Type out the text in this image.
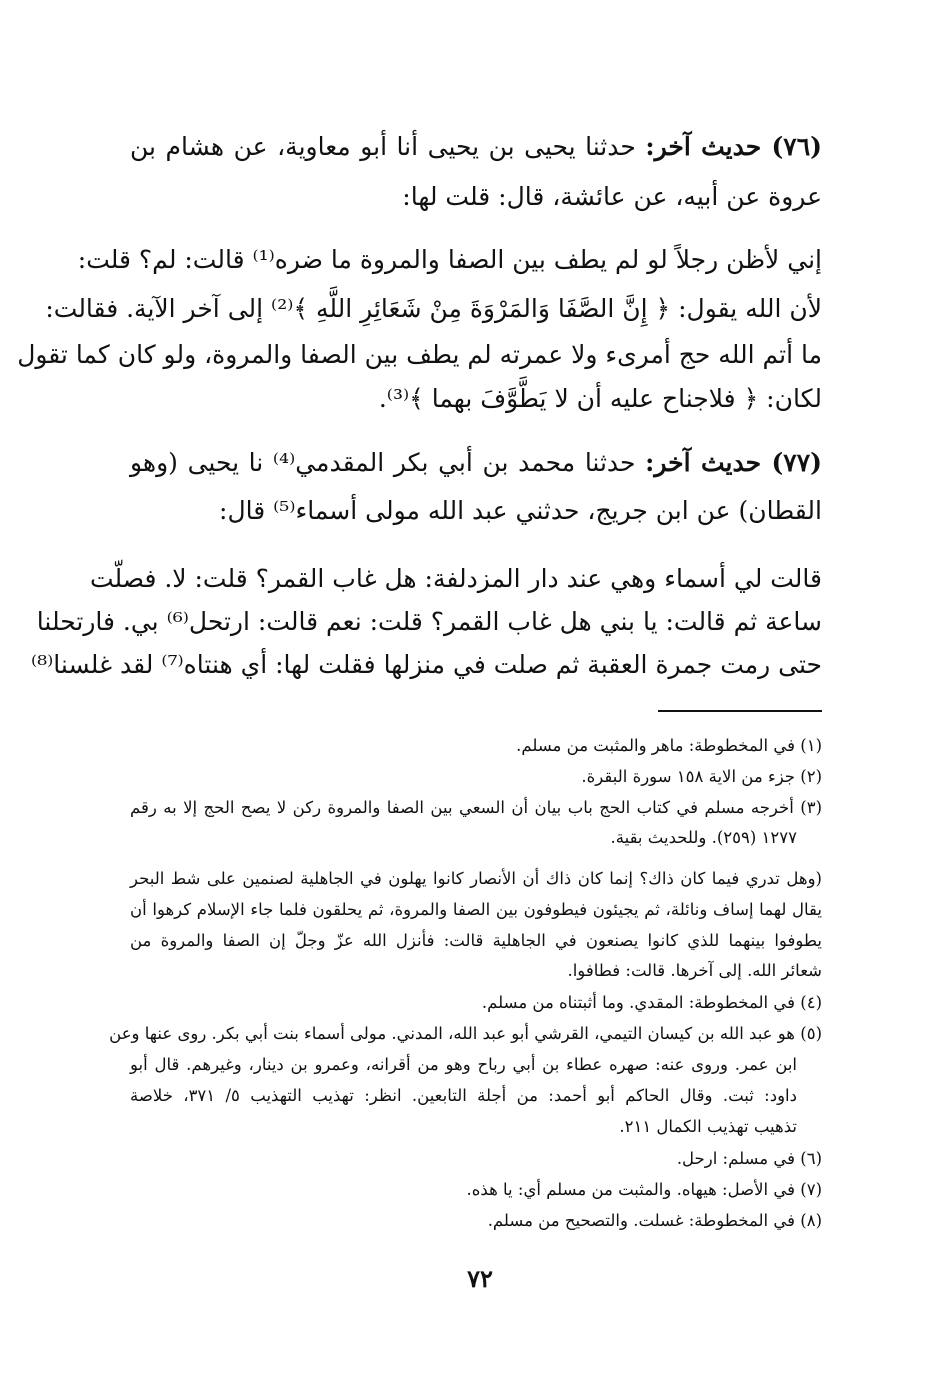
(٧٦) حديث آخر: حدثنا يحيى بن يحيى أنا أبو معاوية، عن هشام بن
عروة عن أبيه، عن عائشة، قال: قلت لها:
إني لأظن رجلاً لو لم يطف بين الصفا والمروة ما ضره⁽¹⁾ قالت: لم؟ قلت:
لأن الله يقول: ﴿ إِنَّ الصَّفَا وَالمَرْوَةَ مِنْ شَعَائِرِ اللَّهِ ﴾⁽²⁾ إلى آخر الآية. فقالت:
ما أتم الله حج أمرىء ولا عمرته لم يطف بين الصفا والمروة، ولو كان كما تقول
لكان: ﴿ فلاجناح عليه أن لا يَطَّوَّفَ بهما ﴾⁽³⁾.
(٧٧) حديث آخر: حدثنا محمد بن أبي بكر المقدمي⁽⁴⁾ نا يحيى (وهو
القطان) عن ابن جريج، حدثني عبد الله مولى أسماء⁽⁵⁾ قال:
قالت لي أسماء وهي عند دار المزدلفة: هل غاب القمر؟ قلت: لا. فصلّت
ساعة ثم قالت: يا بني هل غاب القمر؟ قلت: نعم قالت: ارتحل⁽⁶⁾ بي. فارتحلنا
حتى رمت جمرة العقبة ثم صلت في منزلها فقلت لها: أي هنتاه⁽⁷⁾ لقد غلسنا⁽⁸⁾
(١) في المخطوطة: ماهر والمثبت من مسلم.
(٢) جزء من الاية ١٥٨ سورة البقرة.
(٣) أخرجه مسلم في كتاب الحج باب بيان أن السعي بين الصفا والمروة ركن لا يصح الحج إلا به رقم
١٢٧٧ (٢٥٩). وللحديث بقية.
(وهل تدري فيما كان ذاك؟ إنما كان ذاك أن الأنصار كانوا يهلون في الجاهلية لصنمين على شط البحر
يقال لهما إساف ونائلة، ثم يجيئون فيطوفون بين الصفا والمروة، ثم يحلقون فلما جاء الإسلام كرهوا أن
يطوفوا بينهما للذي كانوا يصنعون في الجاهلية قالت: فأنزل الله عزّ وجلّ إن الصفا والمروة من
شعائر الله. إلى آخرها. قالت: فطافوا.
(٤) في المخطوطة: المقدي. وما أثبتناه من مسلم.
(٥) هو عبد الله بن كيسان التيمي، القرشي أبو عبد الله، المدني. مولى أسماء بنت أبي بكر. روى عنها وعن
ابن عمر. وروى عنه: صهره عطاء بن أبي رباح وهو من أقرانه، وعمرو بن دينار، وغيرهم. قال أبو
داود: ثبت. وقال الحاكم أبو أحمد: من أجلة التابعين. انظر: تهذيب التهذيب ٥/ ٣٧١، خلاصة
تذهيب تهذيب الكمال ٢١١.
(٦) في مسلم: ارحل.
(٧) في الأصل: هيهاه. والمثبت من مسلم أي: يا هذه.
(٨) في المخطوطة: غسلت. والتصحيح من مسلم.
٧٢
